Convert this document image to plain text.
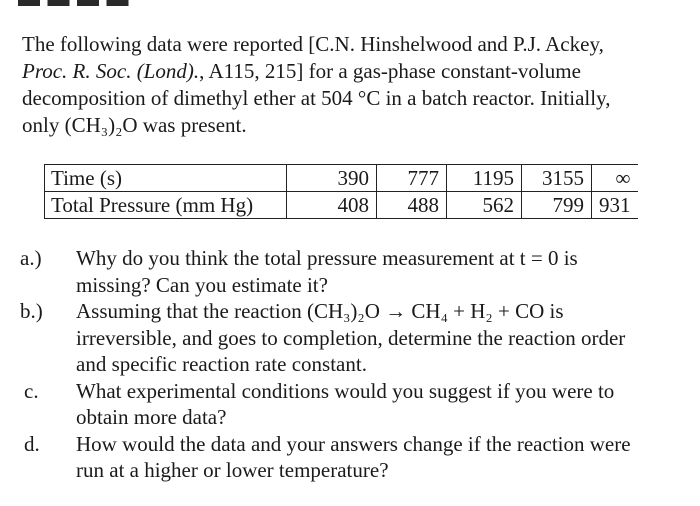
The following data were reported [C.N. Hinshelwood and P.J. Ackey,
Proc. R. Soc. (Lond)., A115, 215] for a gas-phase constant-volume
decomposition of dimethyl ether at 504 °C in a batch reactor. Initially,
only (CH₃)₂O was present.
Time (s)	390	777	1195	3155	∞
Total Pressure (mm Hg)	408	488	562	799	931
a.) Why do you think the total pressure measurement at t = 0 is
missing? Can you estimate it?
b.) Assuming that the reaction (CH₃)₂O → CH₄ + H₂ + CO is
irreversible, and goes to completion, determine the reaction order
and specific reaction rate constant.
c. What experimental conditions would you suggest if you were to
obtain more data?
d. How would the data and your answers change if the reaction were
run at a higher or lower temperature?
